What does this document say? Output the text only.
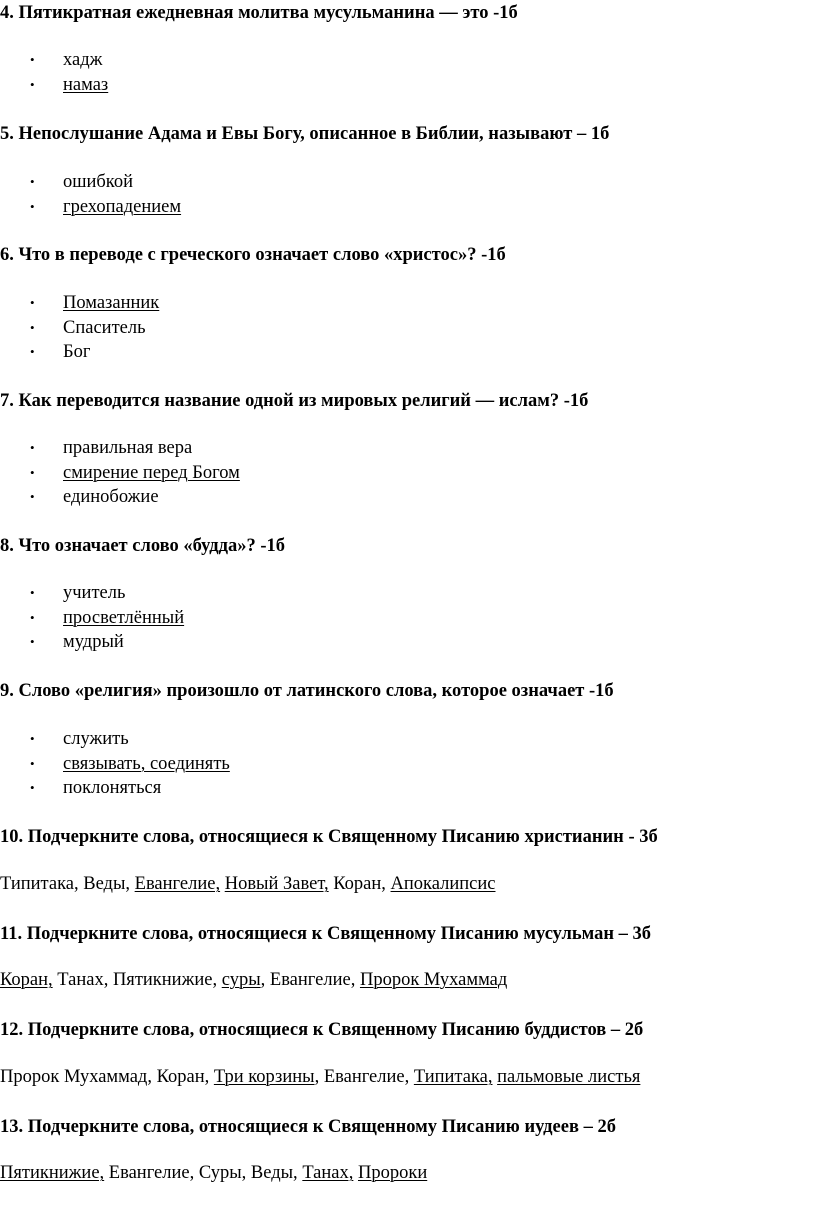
4. Пятикратная ежедневная молитва мусульманина — это -1б
• хадж
• намаз
5. Непослушание Адама и Евы Богу, описанное в Библии, называют – 1б
• ошибкой
• грехопадением
6. Что в переводе с греческого означает слово «христос»? -1б
• Помазанник
• Спаситель
• Бог
7. Как переводится название одной из мировых религий — ислам? -1б
• правильная вера
• смирение перед Богом
• единобожие
8. Что означает слово «будда»? -1б
• учитель
• просветлённый
• мудрый
9. Слово «религия» произошло от латинского слова, которое означает -1б
• служить
• связывать, соединять
• поклоняться
10. Подчеркните слова, относящиеся к Священному Писанию христианин - 3б
Типитака, Веды, Евангелие, Новый Завет, Коран, Апокалипсис
11. Подчеркните слова, относящиеся к Священному Писанию мусульман – 3б
Коран, Танах, Пятикнижие, суры, Евангелие, Пророк Мухаммад
12. Подчеркните слова, относящиеся к Священному Писанию буддистов – 2б
Пророк Мухаммад, Коран, Три корзины, Евангелие, Типитака, пальмовые листья
13. Подчеркните слова, относящиеся к Священному Писанию иудеев – 2б
Пятикнижие, Евангелие, Суры, Веды, Танах, Пророки
